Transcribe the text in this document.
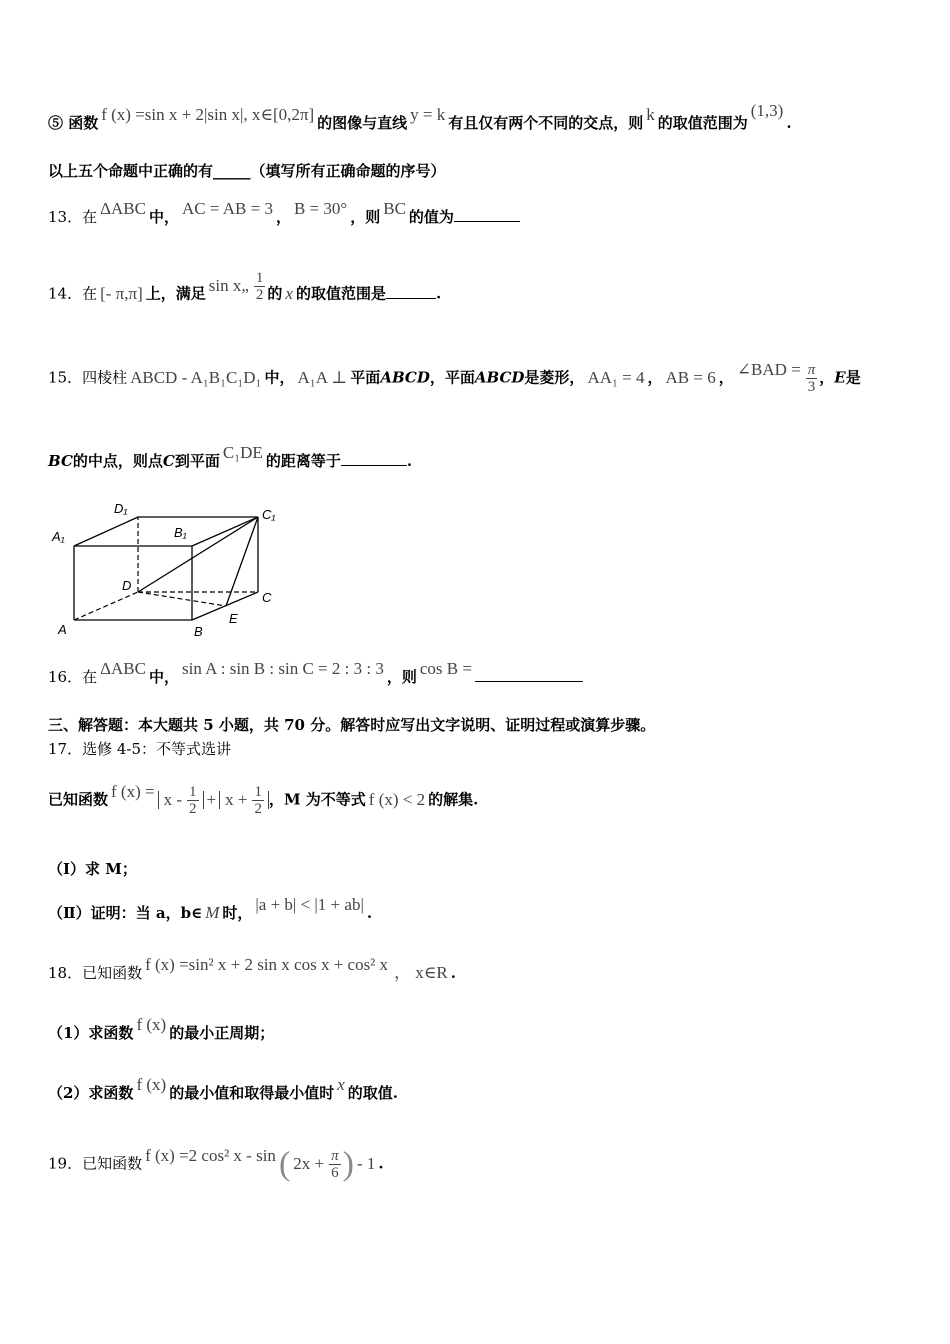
⑤ 函数 f (x) =sin x + 2|sin x|, x∈[0,2π] 的图像与直线 y = k 有且仅有两个不同的交点，则 k 的取值范围为(1,3).
以上五个命题中正确的有_____（填写所有正确命题的序号）
13．在 ΔABC 中， AC = AB = 3 ， B = 30° ，则 BC 的值为
14．在 [- π,π] 上，满足 sin x„ $\frac{1}{2}$ 的 x 的取值范围是	.
15．四棱柱 ABCD - A₁B₁C₁D₁ 中， A₁A ⊥ 平面ABCD，平面ABCD是菱形， AA₁ = 4 ， AB = 6 ， ∠BAD = $\frac{\pi}{3}$ ，E是
BC的中点，则点C到平面 C₁DE 的距离等于	.
A	B
C
D
E
A₁	B₁
C₁
D₁
16．在 ΔABC 中， sin A : sin B : sin C = 2 : 3 : 3 ，则 cos B =
三、解答题：本大题共 5 小题，共 70 分。解答时应写出文字说明、证明过程或演算步骤。
17．选修 4-5：不等式选讲
已知函数 f $(x) = x - \frac{1}{2} + x + \frac{1}{2}$ ，M 为不等式 f (x) < 2 的解集.
（Ⅰ）求 M；
（Ⅱ）证明：当 a，b∈ M 时， |a + b| < |1 + ab| .
18．已知函数 f (x) =sin² x + 2 sin x cos x + cos² x ， x∈R .
（1）求函数 f (x) 的最小正周期；
（2）求函数 f (x) 的最小值和取得最小值时 x 的取值.
19．已知函数 f (x) =2 cos² x - sin( $2x + \frac{\pi}{6}$ ) - 1 .
